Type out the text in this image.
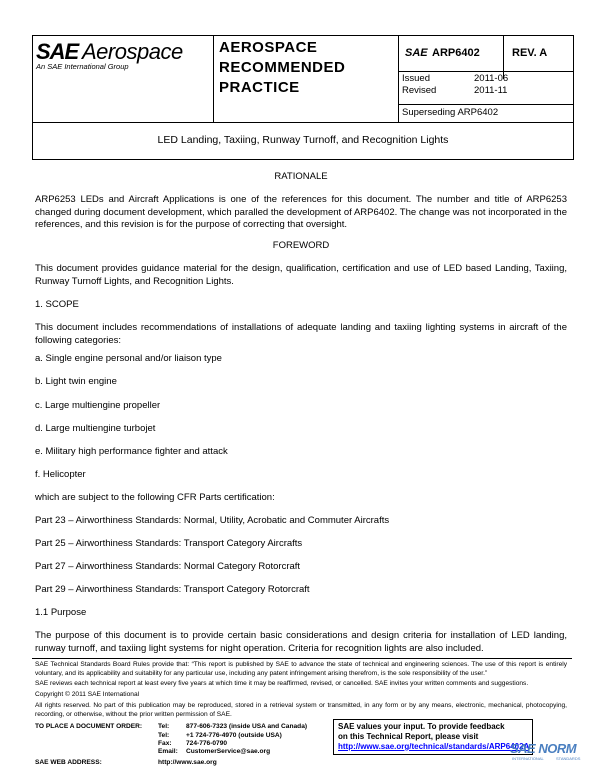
SAE Aerospace
An SAE International Group
AEROSPACE
RECOMMENDED
PRACTICE
SAE ARP6402	REV. A
Issued	2011-06
Revised	2011-11
Superseding ARP6402
LED Landing, Taxiing, Runway Turnoff, and Recognition Lights
RATIONALE
ARP6253 LEDs and Aircraft Applications is one of the references for this document. The number and title of ARP6253 changed during document development, which paralled the development of ARP6402. The change was not incorporated in the references, and this revision is for the purpose of correcting that oversight.
FOREWORD
This document provides guidance material for the design, qualification, certification and use of LED based Landing, Taxiing, Runway Turnoff Lights, and Recognition Lights.
1. SCOPE
This document includes recommendations of installations of adequate landing and taxiing lighting systems in aircraft of the following categories:
a. Single engine personal and/or liaison type
b. Light twin engine
c. Large multiengine propeller
d. Large multiengine turbojet
e. Military high performance fighter and attack
f. Helicopter
which are subject to the following CFR Parts certification:
Part 23 – Airworthiness Standards: Normal, Utility, Acrobatic and Commuter Aircrafts
Part 25 – Airworthiness Standards: Transport Category Aircrafts
Part 27 – Airworthiness Standards: Normal Category Rotorcraft
Part 29 – Airworthiness Standards: Transport Category Rotorcraft
1.1 Purpose
The purpose of this document is to provide certain basic considerations and design criteria for installation of LED landing, runway turnoff, and taxiing light systems for night operation. Criteria for recognition lights are also included.
SAE Technical Standards Board Rules provide that: “This report is published by SAE to advance the state of technical and engineering sciences. The use of this report is entirely voluntary, and its applicability and suitability for any particular use, including any patent infringement arising therefrom, is the sole responsibility of the user.”
SAE reviews each technical report at least every five years at which time it may be reaffirmed, revised, or cancelled. SAE invites your written comments and suggestions.
Copyright © 2011 SAE International
All rights reserved. No part of this publication may be reproduced, stored in a retrieval system or transmitted, in any form or by any means, electronic, mechanical, photocopying, recording, or otherwise, without the prior written permission of SAE.
TO PLACE A DOCUMENT ORDER: Tel:	877-606-7323 (inside USA and Canada)
Tel:	+1 724-776-4970 (outside USA)
Fax: 724-776-0790
Email: CustomerService@sae.org
SAE WEB ADDRESS:	http://www.sae.org
SAE values your input. To provide feedback
on this Technical Report, please visit
http://www.sae.org/technical/standards/ARP6402A
SAE NORM
INTERNATIONAL	STANDARDS
